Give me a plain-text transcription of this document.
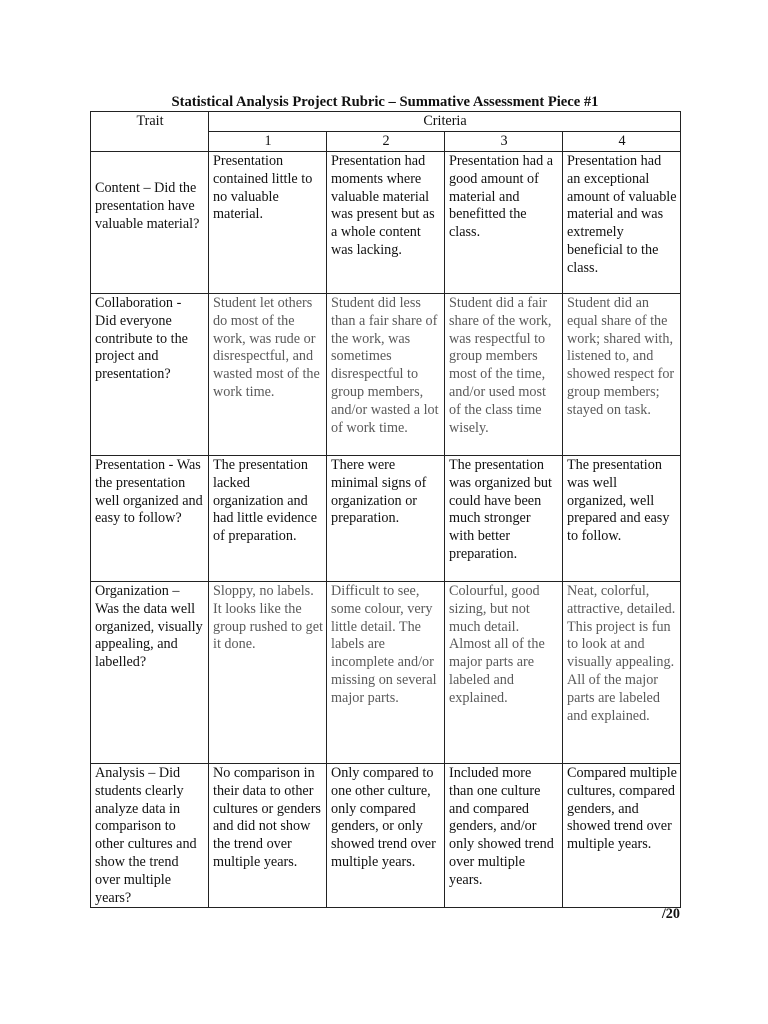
Statistical Analysis Project Rubric – Summative Assessment Piece #1
Trait	Criteria			
	1	2	3	4
Content – Did the presentation have valuable material?	Presentation contained little to no valuable material.	Presentation had moments where valuable material was present but as a whole content was lacking.	Presentation had a good amount of material and benefitted the class.	Presentation had an exceptional amount of valuable material and was extremely beneficial to the class.
Collaboration - Did everyone contribute to the project and presentation?	Student let others do most of the work, was rude or disrespectful, and wasted most of the work time.	Student did less than a fair share of the work, was sometimes disrespectful to group members, and/or wasted a lot of work time.	Student did a fair share of the work, was respectful to group members most of the time, and/or used most of the class time wisely.	Student did an equal share of the work; shared with, listened to, and showed respect for group members; stayed on task.
Presentation - Was the presentation well organized and easy to follow?	The presentation lacked organization and had little evidence of preparation.	There were minimal signs of organization or preparation.	The presentation was organized but could have been much stronger with better preparation.	The presentation was well organized, well prepared and easy to follow.
Organization – Was the data well organized, visually appealing, and labelled?	Sloppy, no labels. It looks like the group rushed to get it done.	Difficult to see, some colour, very little detail. The labels are incomplete and/or missing on several major parts.	Colourful, good sizing, but not much detail. Almost all of the major parts are labeled and explained.	Neat, colorful, attractive, detailed. This project is fun to look at and visually appealing. All of the major parts are labeled and explained.
Analysis – Did students clearly analyze data in comparison to other cultures and show the trend over multiple years?	No comparison in their data to other cultures or genders and did not show the trend over multiple years.	Only compared to one other culture, only compared genders, or only showed trend over multiple years.	Included more than one culture and compared genders, and/or only showed trend over multiple years.	Compared multiple cultures, compared genders, and showed trend over multiple years.
/20
